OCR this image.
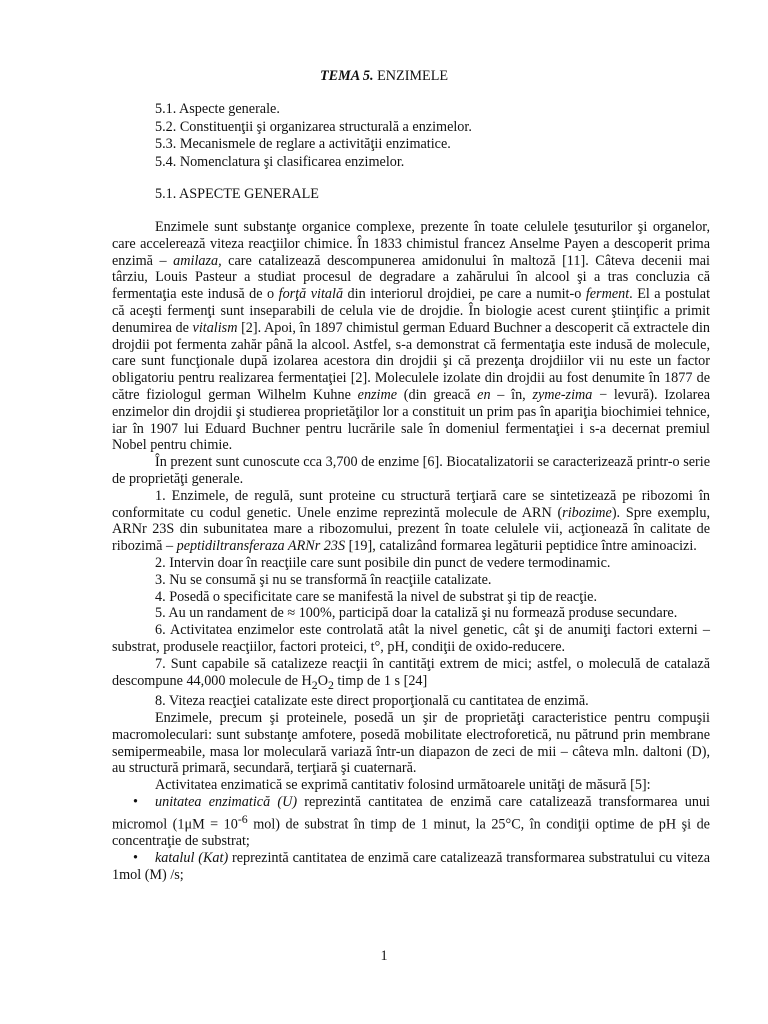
TEMA 5. ENZIMELE
5.1. Aspecte generale.
5.2. Constituenţii şi organizarea structurală a enzimelor.
5.3. Mecanismele de reglare a activităţii enzimatice.
5.4. Nomenclatura şi clasificarea enzimelor.
5.1. ASPECTE GENERALE

Enzimele sunt substanţe organice complexe, prezente în toate celulele ţesuturilor şi organelor, care accelerează viteza reacţiilor chimice. În 1833 chimistul francez Anselme Payen a descoperit prima enzimă – amilaza, care catalizează descompunerea amidonului în maltoză [11]. Câteva decenii mai târziu, Louis Pasteur a studiat procesul de degradare a zahărului în alcool şi a tras concluzia că fermentaţia este indusă de o forţă vitală din interiorul drojdiei, pe care a numit-o ferment. El a postulat că aceşti fermenţi sunt inseparabili de celula vie de drojdie. În biologie acest curent ştiinţific a primit denumirea de vitalism [2]. Apoi, în 1897 chimistul german Eduard Buchner a descoperit că extractele din drojdii pot fermenta zahăr până la alcool. Astfel, s-a demonstrat că fermentaţia este indusă de molecule, care sunt funcţionale după izolarea acestora din drojdii şi că prezenţa drojdiilor vii nu este un factor obligatoriu pentru realizarea fermentaţiei [2]. Moleculele izolate din drojdii au fost denumite în 1877 de către fiziologul german Wilhelm Kuhne enzime (din greacă en – în, zyme-zima − levură). Izolarea enzimelor din drojdii şi studierea proprietăţilor lor a constituit un prim pas în apariţia biochimiei tehnice, iar în 1907 lui Eduard Buchner pentru lucrările sale în domeniul fermentaţiei i s-a decernat premiul Nobel pentru chimie.

În prezent sunt cunoscute cca 3,700 de enzime [6]. Biocatalizatorii se caracterizează printr-o serie de proprietăţi generale.

1. Enzimele, de regulă, sunt proteine cu structură terţiară care se sintetizează pe ribozomi în conformitate cu codul genetic. Unele enzime reprezintă molecule de ARN (ribozime). Spre exemplu, ARNr 23S din subunitatea mare a ribozomului, prezent în toate celulele vii, acţionează în calitate de ribozimă – peptidiltransferaza ARNr 23S [19], catalizând formarea legăturii peptidice între aminoacizi.

2. Intervin doar în reacţiile care sunt posibile din punct de vedere termodinamic.

3. Nu se consumă şi nu se transformă în reacţiile catalizate.

4. Posedă o specificitate care se manifestă la nivel de substrat şi tip de reacţie.

5. Au un randament de ≈ 100%, participă doar la cataliză şi nu formează produse secundare.

6. Activitatea enzimelor este controlată atât la nivel genetic, cât şi de anumiţi factori externi – substrat, produsele reacţiilor, factori proteici, t°, pH, condiţii de oxido-reducere.

7. Sunt capabile să catalizeze reacţii în cantităţi extrem de mici; astfel, o moleculă de catalază descompune 44,000 molecule de $H_2O_2$ timp de 1 s [24]

8. Viteza reacţiei catalizate este direct proporţională cu cantitatea de enzimă.

Enzimele, precum şi proteinele, posedă un şir de proprietăţi caracteristice pentru compuşii macromoleculari: sunt substanţe amfotere, posedă mobilitate electroforetică, nu pătrund prin membrane semipermeabile, masa lor moleculară variază într-un diapazon de zeci de mii – câteva mln. daltoni (D), au structură primară, secundară, terţiară şi cuaternară.

Activitatea enzimatică se exprimă cantitativ folosind următoarele unităţi de măsură [5]:

• unitatea enzimatică (U) reprezintă cantitatea de enzimă care catalizează transformarea unui micromol ($1\mu M = 10^{-6}$ mol) de substrat în timp de 1 minut, la 25°C, în condiţii optime de pH şi de concentraţie de substrat;

• katalul (Kat) reprezintă cantitatea de enzimă care catalizează transformarea substratului cu viteza 1mol (M) /s;

1
